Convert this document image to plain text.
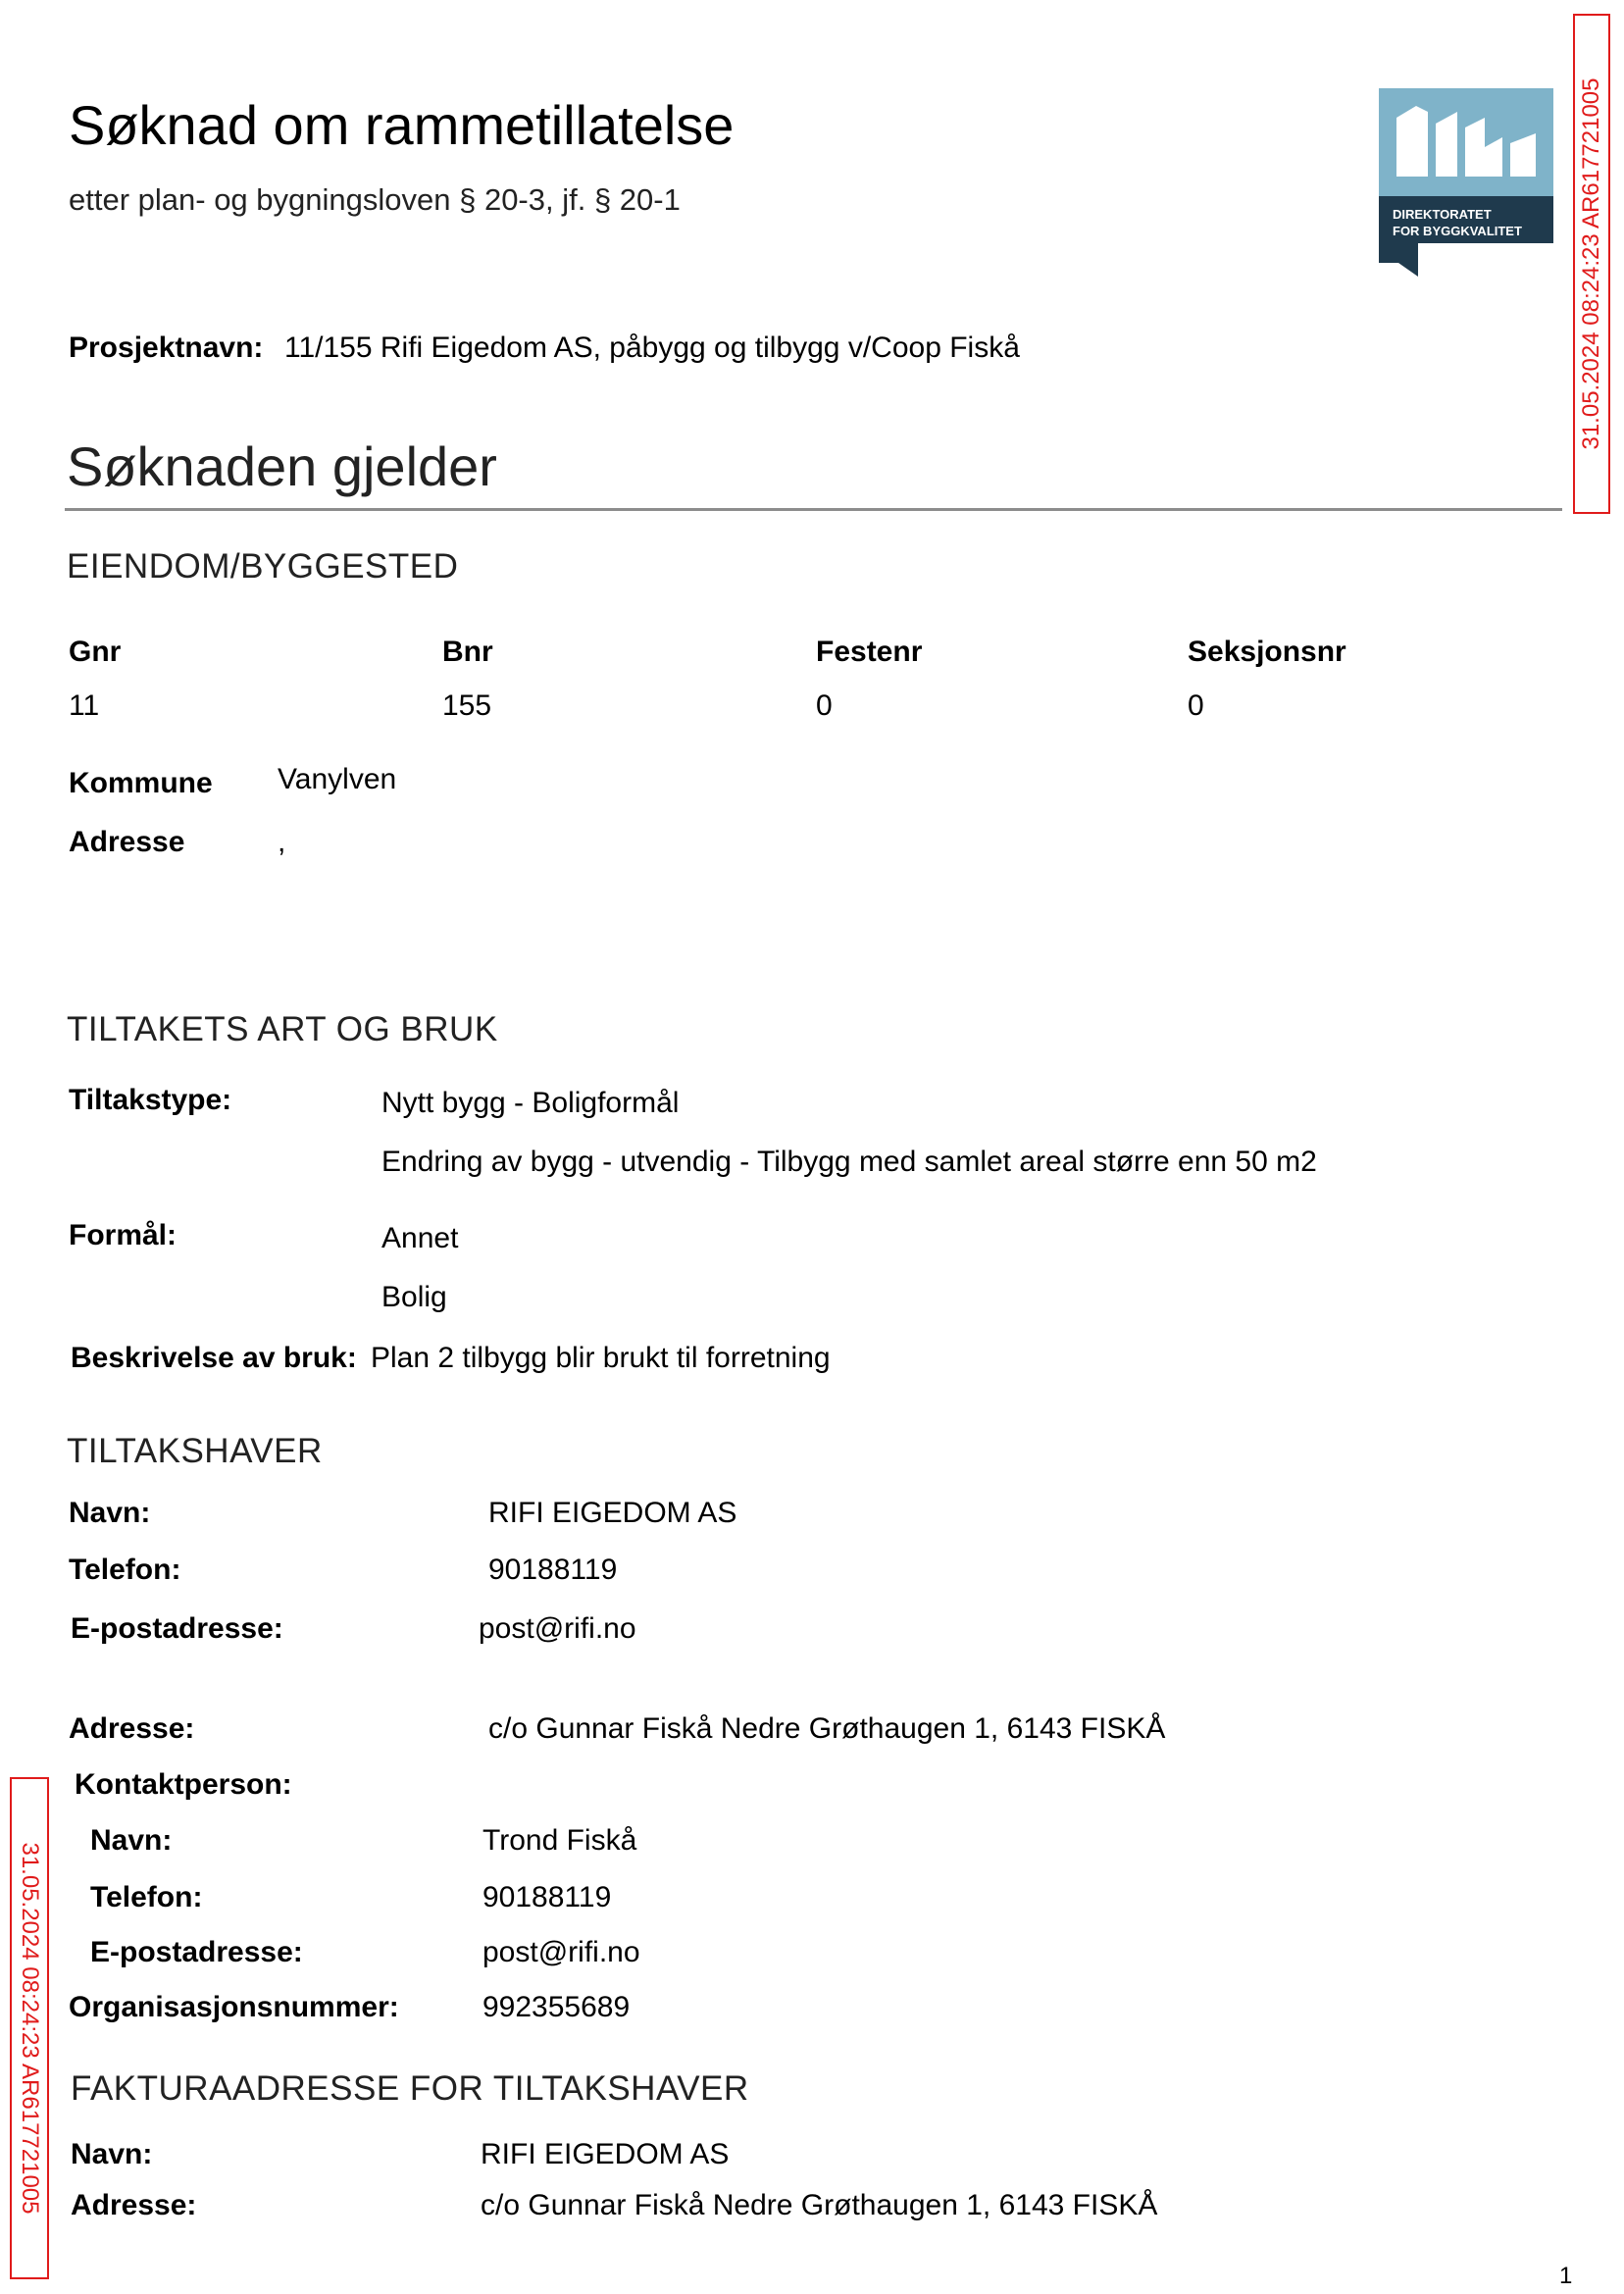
Søknad om rammetillatelse
etter plan- og bygningsloven § 20-3, jf. § 20-1	DIREKTORATET
FOR BYGGKVALITET 31.05.2024 08:24:23 AR617721005
Prosjektnavn: 11/155 Rifi Eigedom AS, påbygg og tilbygg v/Coop Fiskå
Søknaden gjelder
EIENDOM/BYGGESTED
Gnr	Bnr	Festenr	Seksjonsnr
11	155	0	0
Kommune Vanylven
Adresse	,
TILTAKETS ART OG BRUK
Tiltakstype:	Nytt bygg - Boligformål
Endring av bygg - utvendig - Tilbygg med samlet areal større enn 50 m2
Formål:	Annet
Bolig
Beskrivelse av bruk: Plan 2 tilbygg blir brukt til forretning
TILTAKSHAVER
Navn:	RIFI EIGEDOM AS
Telefon:	90188119
E-postadresse:	post@rifi.no
Adresse:	c/o Gunnar Fiskå Nedre Grøthaugen 1, 6143 FISKÅ
Kontaktperson:
Navn:	Trond Fiskå
Telefon:	90188119
E-postadresse:	post@rifi.no
Organisasjonsnummer:	992355689
FAKTURAADRESSE FOR TILTAKSHAVER
Navn:	RIFI EIGEDOM AS
Adresse:	c/o Gunnar Fiskå Nedre Grøthaugen 1, 6143 FISKÅ
31.05.2024 08:24:23 AR617721005
1
